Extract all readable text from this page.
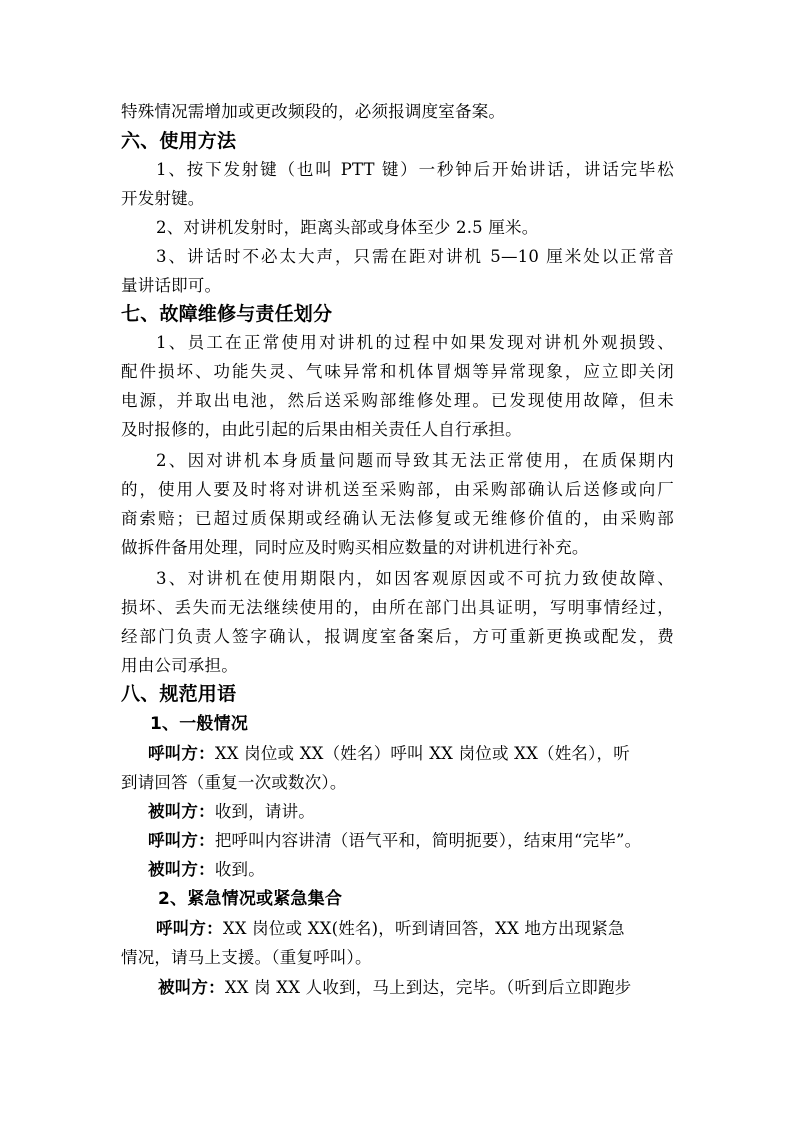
特殊情况需增加或更改频段的，必须报调度室备案。
六、使用方法
1、按下发射键（也叫 PTT 键）一秒钟后开始讲话，讲话完毕松
开发射键。
2、对讲机发射时，距离头部或身体至少 2.5 厘米。
3、讲话时不必太大声，只需在距对讲机 5—10 厘米处以正常音
量讲话即可。
七、故障维修与责任划分
1、员工在正常使用对讲机的过程中如果发现对讲机外观损毁、
配件损坏、功能失灵、气味异常和机体冒烟等异常现象，应立即关闭
电源，并取出电池，然后送采购部维修处理。已发现使用故障，但未
及时报修的，由此引起的后果由相关责任人自行承担。
2、因对讲机本身质量问题而导致其无法正常使用，在质保期内
的，使用人要及时将对讲机送至采购部，由采购部确认后送修或向厂
商索赔；已超过质保期或经确认无法修复或无维修价值的，由采购部
做拆件备用处理，同时应及时购买相应数量的对讲机进行补充。
3、对讲机在使用期限内，如因客观原因或不可抗力致使故障、
损坏、丢失而无法继续使用的，由所在部门出具证明，写明事情经过，
经部门负责人签字确认，报调度室备案后，方可重新更换或配发，费
用由公司承担。
八、规范用语
1、一般情况
呼叫方：XX 岗位或 XX（姓名）呼叫 XX 岗位或 XX（姓名），听
到请回答（重复一次或数次）。
被叫方：收到，请讲。
呼叫方：把呼叫内容讲清（语气平和，简明扼要），结束用“完毕”。
被叫方：收到。
2、紧急情况或紧急集合
呼叫方：XX 岗位或 XX(姓名)，听到请回答，XX 地方出现紧急
情况，请马上支援。（重复呼叫）。
被叫方：XX 岗 XX 人收到，马上到达，完毕。（听到后立即跑步
